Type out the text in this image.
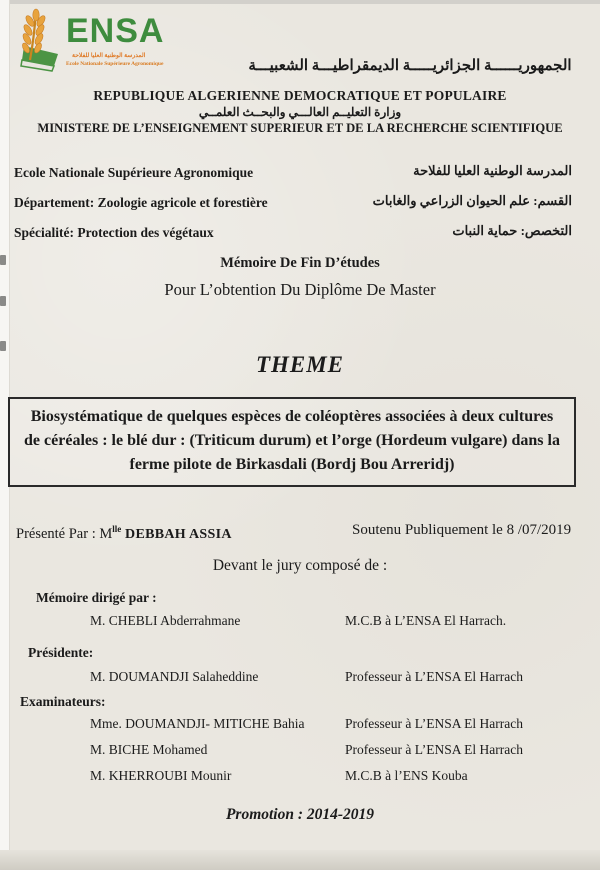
ENSA
المدرسة الوطنية العليا للفلاحة
Ecole Nationale Supérieure Agronomique	الجمهوريــــــة الجزائريـــــة الديمقراطيـــة الشعبيـــة
REPUBLIQUE ALGERIENNE DEMOCRATIQUE ET POPULAIRE
وزارة التعليــم العالـــي والبحــث العلمــي
MINISTERE DE L’ENSEIGNEMENT SUPERIEUR ET DE LA RECHERCHE SCIENTIFIQUE
Ecole Nationale Supérieure Agronomique
Département: Zoologie agricole et forestière
Spécialité: Protection des végétaux
المدرسة الوطنية العليا للفلاحة
القسم: علم الحيوان الزراعي والغابات
التخصص: حماية النبات
Mémoire De Fin D’études
Pour L’obtention Du Diplôme De Master
THEME
Biosystématique de quelques espèces de coléoptères associées à deux cultures de céréales : le blé dur : (Triticum durum) et l’orge (Hordeum vulgare) dans la ferme pilote de Birkasdali (Bordj Bou Arreridj)
Présenté Par : $M^{lle}$ DEBBAH ASSIA	Soutenu Publiquement le 8 /07/2019
Devant le jury composé de :
Mémoire dirigé par :
M. CHEBLI Abderrahmane	M.C.B à L’ENSA El Harrach.
Présidente:
M. DOUMANDJI Salaheddine	Professeur à L’ENSA El Harrach
Examinateurs:
Mme. DOUMANDJI- MITICHE Bahia	Professeur à L’ENSA El Harrach
M. BICHE Mohamed	Professeur à L’ENSA El Harrach
M. KHERROUBI Mounir	M.C.B à l’ENS Kouba
Promotion : 2014-2019
